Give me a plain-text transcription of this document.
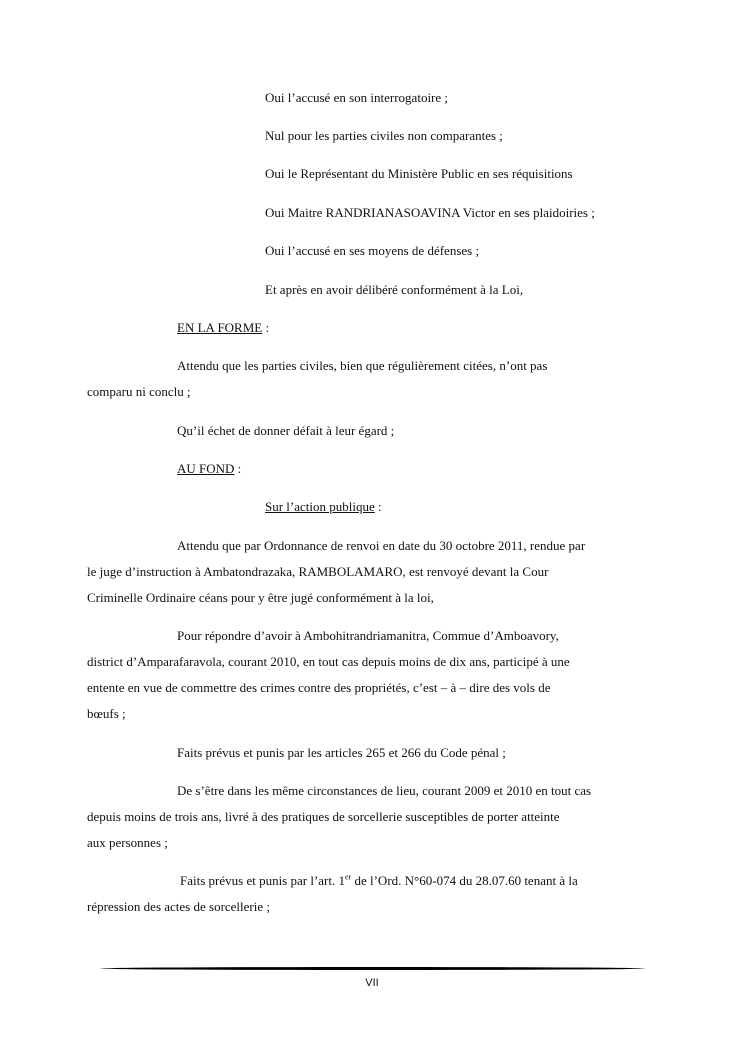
Oui l’accusé en son interrogatoire ;
Nul pour les parties civiles non comparantes ;
Oui le Représentant du Ministère Public en ses réquisitions
Oui Maitre RANDRIANASOAVINA Victor en ses plaidoiries ;
Oui l’accusé en ses moyens de défenses ;
Et après en avoir délibéré conformément à la Loi,
EN LA FORME :
Attendu que les parties civiles, bien que régulièrement citées, n’ont pas
comparu ni conclu ;
Qu’il échet de donner défait à leur égard ;
AU FOND :
Sur l’action publique :
Attendu que par Ordonnance de renvoi en date du 30 octobre 2011, rendue par
le juge d’instruction à Ambatondrazaka, RAMBOLAMARO, est renvoyé devant la Cour
Criminelle Ordinaire céans pour y être jugé conformément à la loi,
Pour répondre d’avoir à Ambohitrandriamanitra, Commue d’Amboavory,
district d’Amparafaravola, courant 2010, en tout cas depuis moins de dix ans, participé à une
entente en vue de commettre des crimes contre des propriétés, c’est – à – dire des vols de
bœufs ;
Faits prévus et punis par les articles 265 et 266 du Code pénal ;
De s’être dans les même circonstances de lieu, courant 2009 et 2010 en tout cas
depuis moins de trois ans, livré à des pratiques de sorcellerie susceptibles de porter atteinte
aux personnes ;
Faits prévus et punis par l’art. 1er de l’Ord. N°60-074 du 28.07.60 tenant à la
répression des actes de sorcellerie ;
VII
